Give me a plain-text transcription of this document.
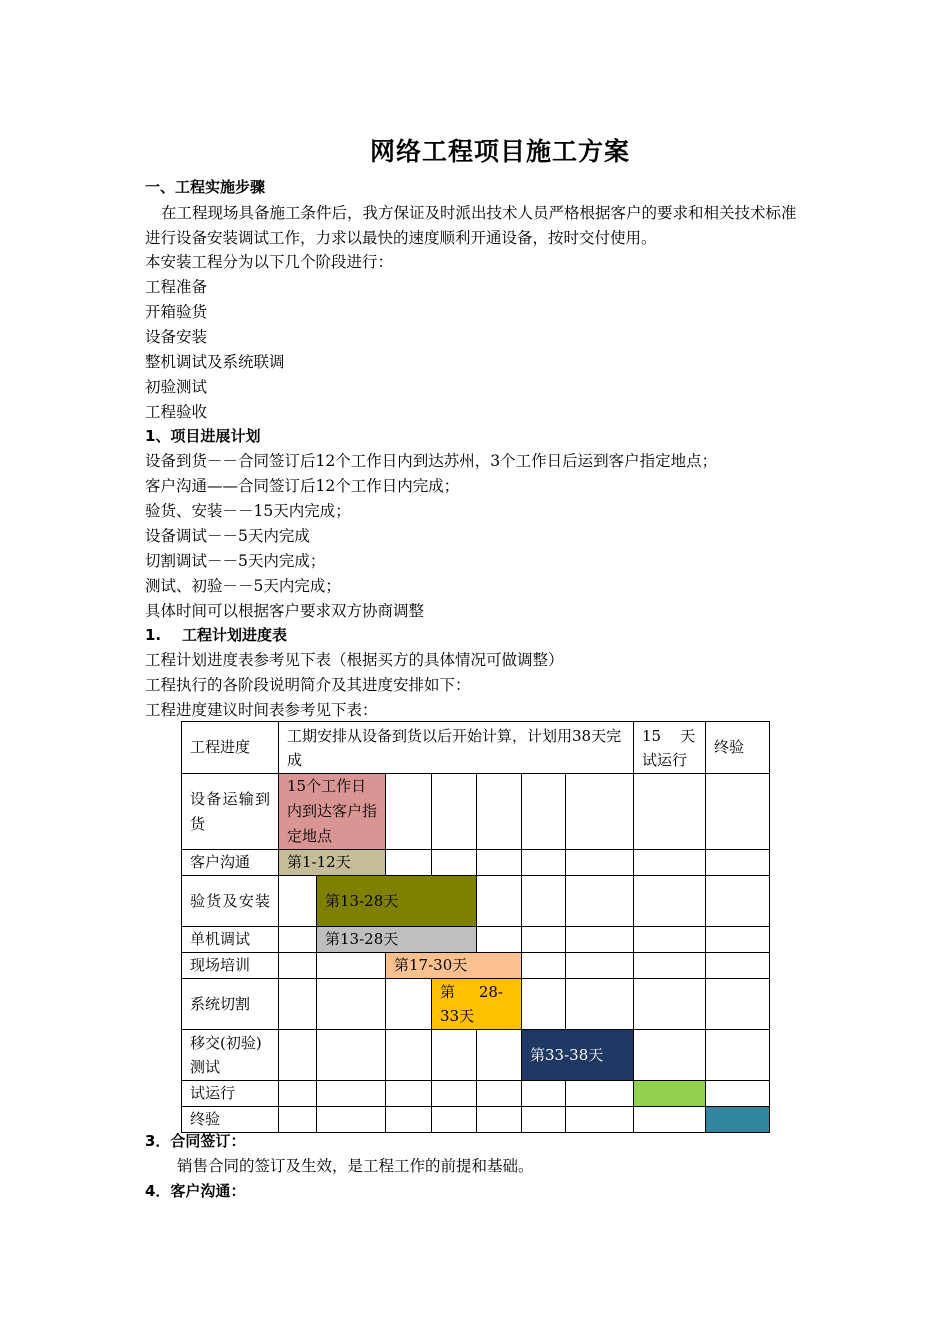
网络工程项目施工方案
一、工程实施步骤
在工程现场具备施工条件后，我方保证及时派出技术人员严格根据客户的要求和相关技术标准进行设备安装调试工作，力求以最快的速度顺利开通设备，按时交付使用。
本安装工程分为以下几个阶段进行：
工程准备
开箱验货
设备安装
整机调试及系统联调
初验测试
工程验收
1、项目进展计划
设备到货－－合同签订后12个工作日内到达苏州，3个工作日后运到客户指定地点；
客户沟通——合同签订后12个工作日内完成；
验货、安装－－15天内完成；
设备调试－－5天内完成
切割调试－－5天内完成；
测试、初验－－5天内完成；
具体时间可以根据客户要求双方协商调整
1.    工程计划进度表
工程计划进度表参考见下表（根据买方的具体情况可做调整）
工程执行的各阶段说明简介及其进度安排如下：
工程进度建议时间表参考见下表：
工程进度	工期安排从设备到货以后开始计算，计划用38天完成							15    天试运行	终验
设备运输到货	15个工作日内到达客户指定地点								
客户沟通	第1-12天								
验货及安装		第13-28天							
单机调试		第13-28天							
现场培训			第17-30天						
系统切割				第     28-33天					
移交(初验)测试						第33-38天			
试运行									
终验									
3．合同签订：
销售合同的签订及生效，是工程工作的前提和基础。
4．客户沟通：
